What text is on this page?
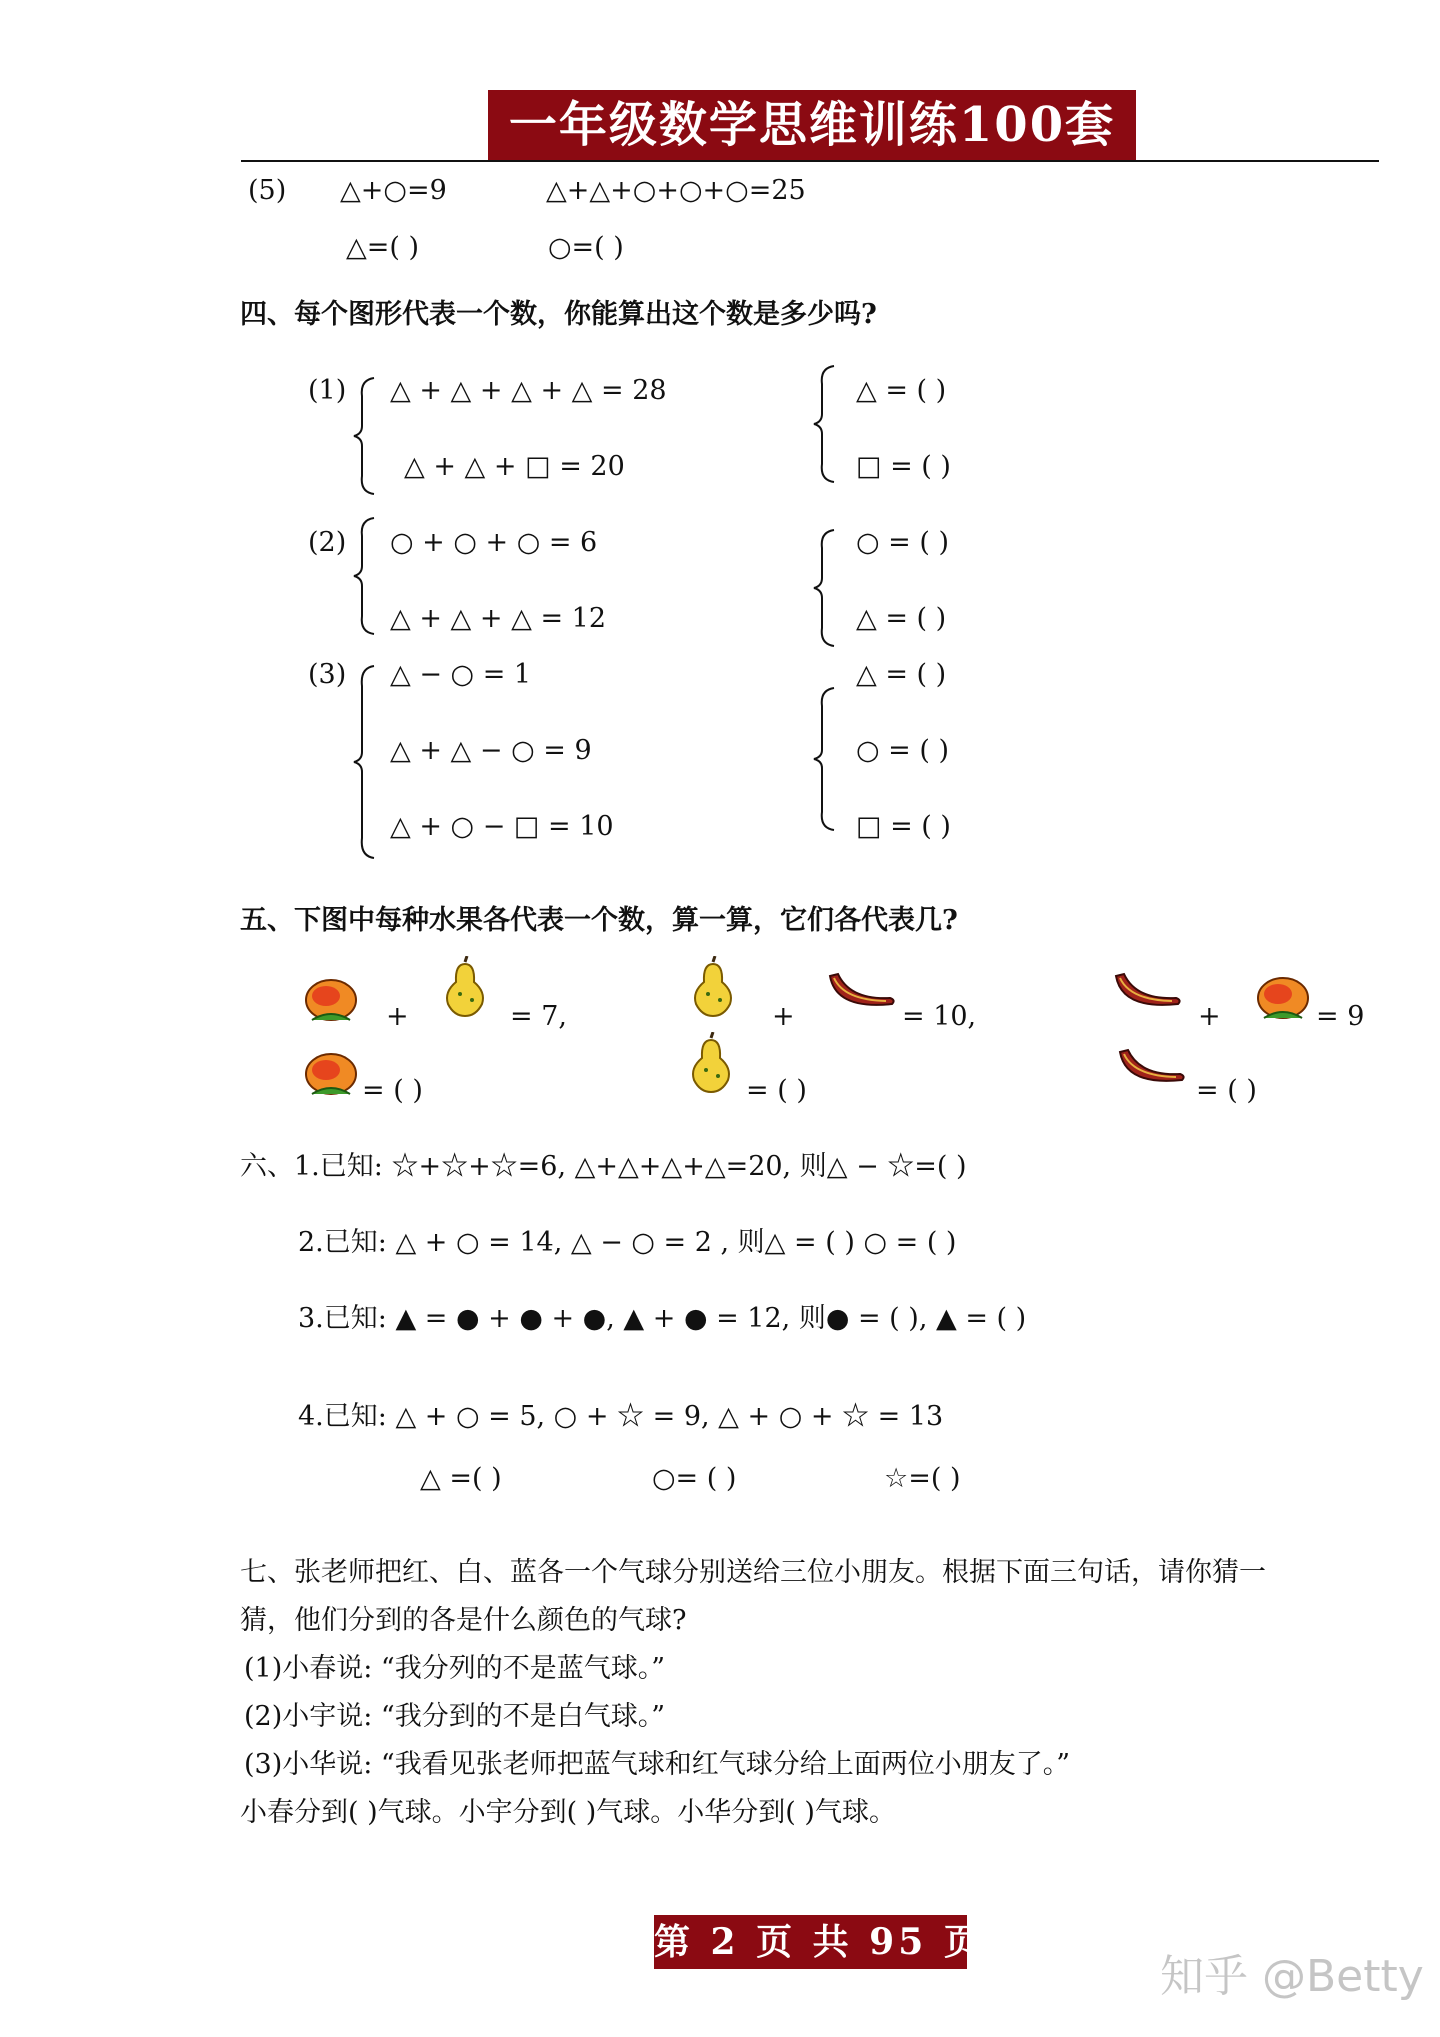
一年级数学思维训练100套
(5) △+○=9	△+△+○+○+○=25
△=( )	○=( )
四、每个图形代表一个数，你能算出这个数是多少吗?
(1) △ + △ + △ + △ = 28
△ + △ + □ = 20
△ = ( )
□ = ( )
(2) ○ + ○ + ○ = 6
△ + △ + △ = 12
○ = ( )
△ = ( )
(3) △ − ○ = 1
△ + △ − ○ = 9
△ + ○ − □ = 10
△ = ( )
○ = ( )
□ = ( )
五、下图中每种水果各代表一个数，算一算，它们各代表几?
+	= 7,	+	= 10,	+	= 9
= ( )	= ( )	= ( )
六、1.已知: ☆+☆+☆=6, △+△+△+△=20, 则△ − ☆=( )
2.已知: △ + ○ = 14, △ − ○ = 2 , 则△ = ( ) ○ = ( )
3.已知: ▲ = ● + ● + ●, ▲ + ● = 12, 则● = ( ), ▲ = ( )
4.已知: △ + ○ = 5, ○ + ☆ = 9, △ + ○ + ☆ = 13
△ =( )	○= ( )	☆=( )
七、张老师把红、白、蓝各一个气球分别送给三位小朋友。根据下面三句话，请你猜一
猜，他们分到的各是什么颜色的气球?
(1)小春说: “我分列的不是蓝气球。”
(2)小宇说: “我分到的不是白气球。”
(3)小华说: “我看见张老师把蓝气球和红气球分给上面两位小朋友了。”
小春分到( )气球。小宇分到( )气球。小华分到( )气球。
第 2 页 共 95 页
知乎 @Betty
